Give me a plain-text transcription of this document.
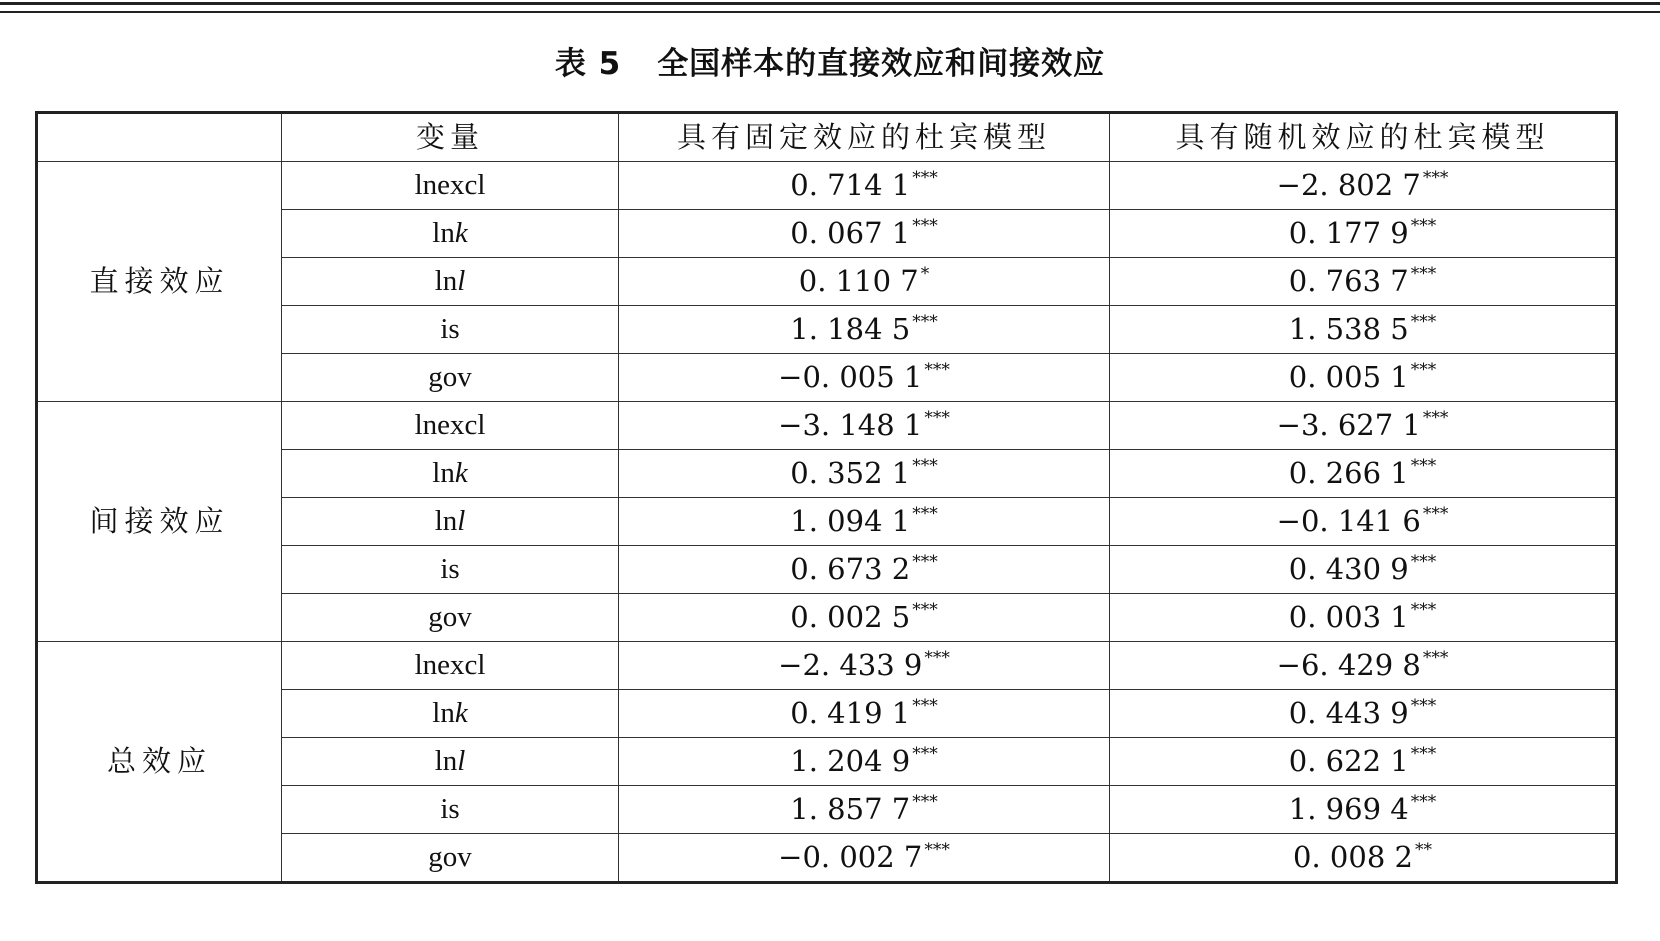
表 5 全国样本的直接效应和间接效应
	变量	具有固定效应的杜宾模型	具有随机效应的杜宾模型
直接效应	lnexcl	0. 714 1 ***	−2. 802 7 ***
	lnk	0. 067 1 ***	0. 177 9 ***
	lnl	0. 110 7 *	0. 763 7 ***
	is	1. 184 5 ***	1. 538 5 ***
	gov	−0. 005 1 ***	0. 005 1 ***
间接效应	lnexcl	−3. 148 1 ***	−3. 627 1 ***
	lnk	0. 352 1 ***	0. 266 1 ***
	lnl	1. 094 1 ***	−0. 141 6 ***
	is	0. 673 2 ***	0. 430 9 ***
	gov	0. 002 5 ***	0. 003 1 ***
总效应	lnexcl	−2. 433 9 ***	−6. 429 8 ***
	lnk	0. 419 1 ***	0. 443 9 ***
	lnl	1. 204 9 ***	0. 622 1 ***
	is	1. 857 7 ***	1. 969 4 ***
	gov	−0. 002 7 ***	0. 008 2 **
